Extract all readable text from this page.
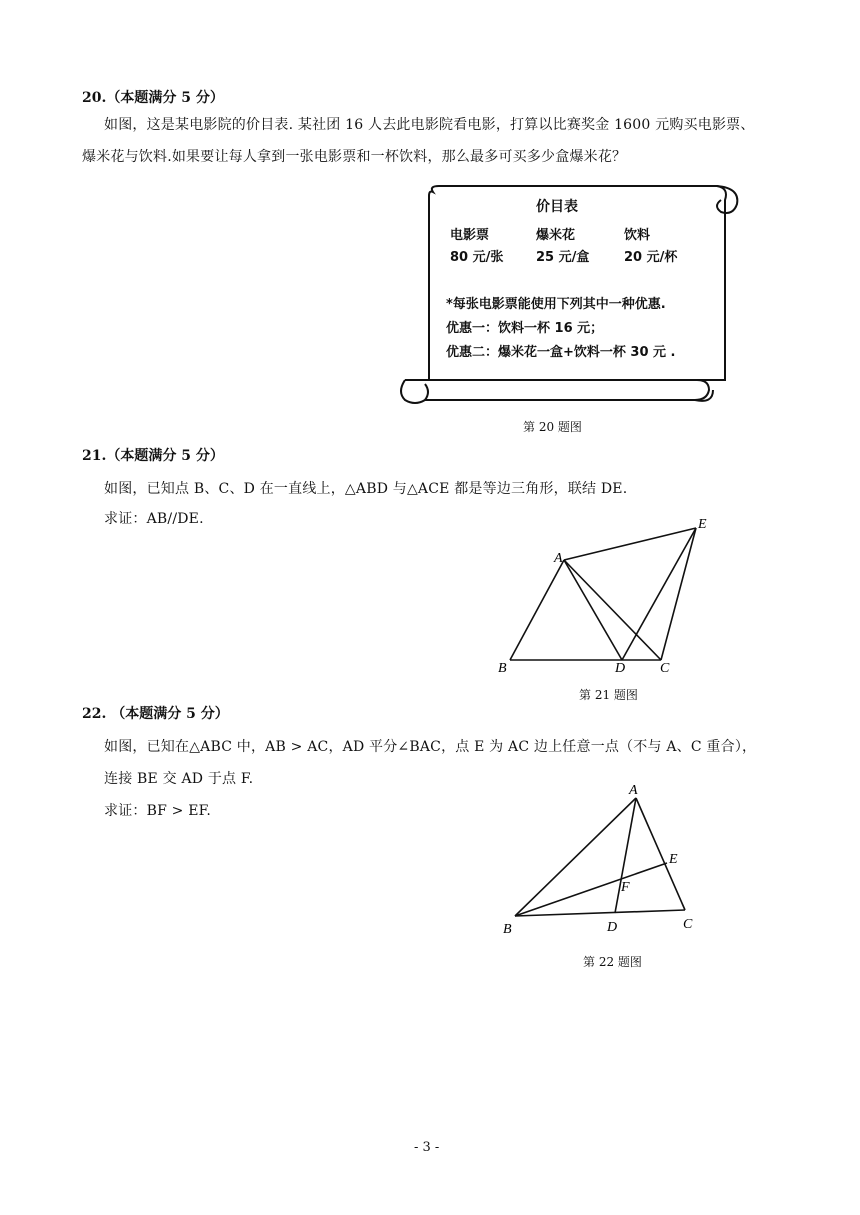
20.（本题满分 5 分）
如图，这是某电影院的价目表. 某社团 16 人去此电影院看电影，打算以比赛奖金 1600 元购买电影票、
爆米花与饮料.如果要让每人拿到一张电影票和一杯饮料，那么最多可买多少盒爆米花？
价目表
电影票	爆米花	饮料
80 元/张	25 元/盒	20 元/杯
*每张电影票能使用下列其中一种优惠.
优惠一：饮料一杯 16 元；
优惠二：爆米花一盒+饮料一杯 30 元 .
第 20 题图
21.（本题满分 5 分）
如图，已知点 B、C、D 在一直线上，△ABD 与△ACE 都是等边三角形，联结 DE.
求证：AB//DE.
A
B	D C
E
第 21 题图
22. （本题满分 5 分）
如图，已知在△ABC 中，AB > AC，AD 平分∠BAC，点 E 为 AC 边上任意一点（不与 A、C 重合），
连接 BE 交 AD 于点 F.
求证：BF > EF.
A
B	D	C
E
F
第 22 题图
- 3 -
